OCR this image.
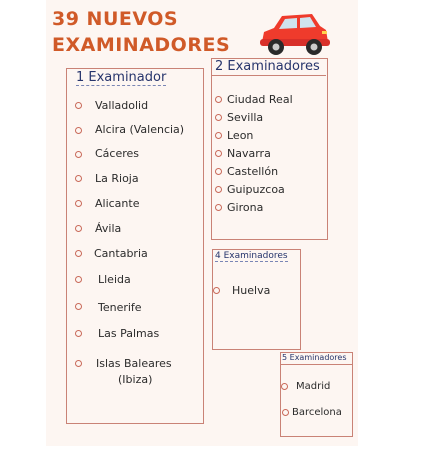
39 NUEVOS
EXAMINADORES
1 Examinador
2 Examinadores
4 Examinadores
5 Examinadores
Valladolid
Alcira (Valencia)
Cáceres
La Rioja
Alicante
Ávila
Cantabria
Lleida
Tenerife
Las Palmas
Islas Baleares
(Ibiza)
Ciudad Real
Sevilla
Leon
Navarra
Castellón
Guipuzcoa
Girona
Huelva
Madrid
Barcelona
